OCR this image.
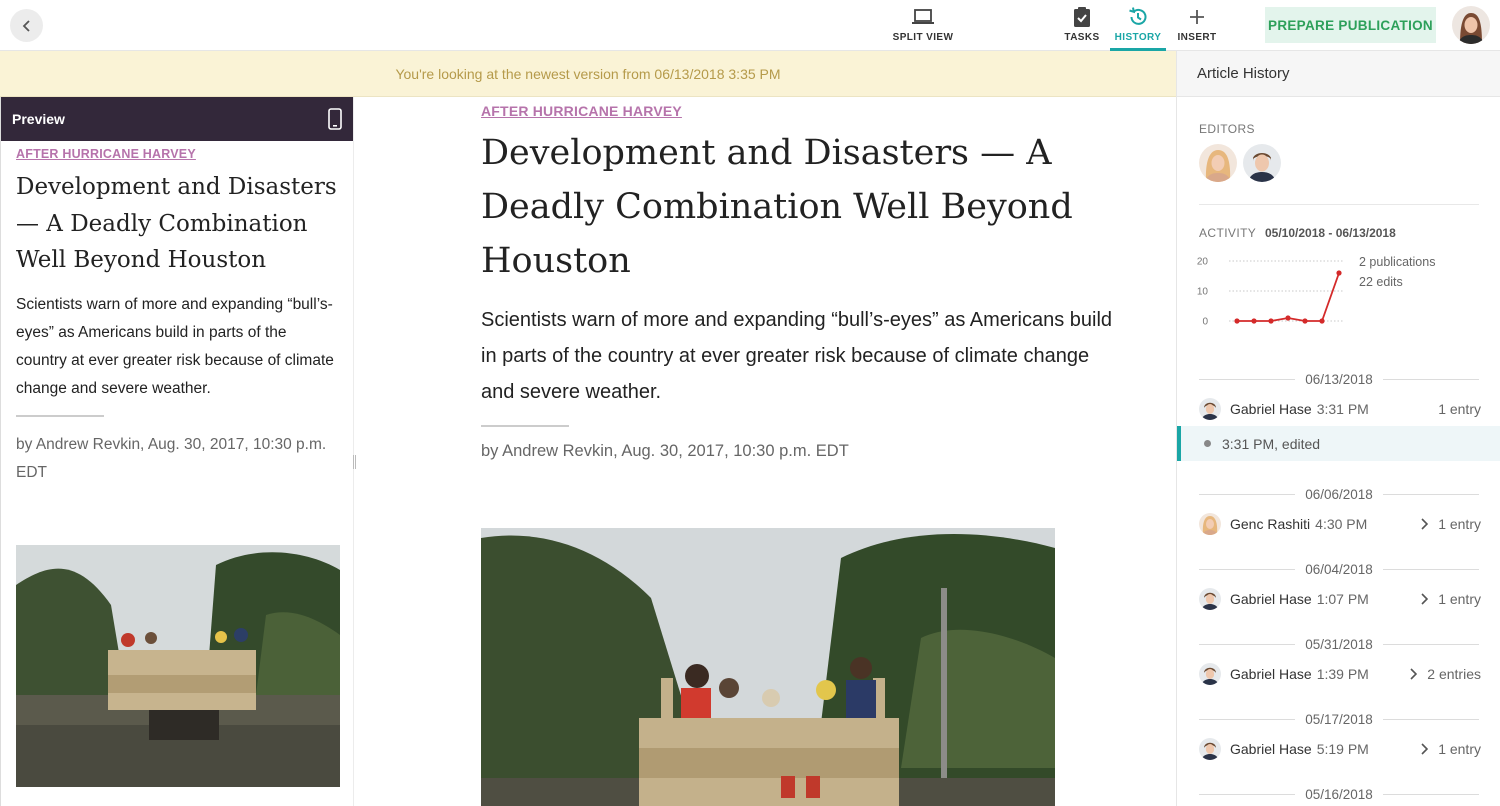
SPLIT VIEW	TASKS HISTORY INSERT
PREPARE PUBLICATION
You're looking at the newest version from 06/13/2018 3:35 PM
Preview
AFTER HURRICANE HARVEY
Development and Disasters — A Deadly Combination Well Beyond Houston
Scientists warn of more and expanding “bull’s-eyes” as Americans build in parts of the country at ever greater risk because of climate change and severe weather.
by Andrew Revkin, Aug. 30, 2017, 10:30 p.m. EDT
AFTER HURRICANE HARVEY
Development and Disasters — A Deadly Combination Well Beyond Houston
Scientists warn of more and expanding “bull’s-eyes” as Americans build in parts of the country at ever greater risk because of climate change and severe weather.
by Andrew Revkin, Aug. 30, 2017, 10:30 p.m. EDT
Article History
EDITORS
ACTIVITY 05/10/2018 - 06/13/2018
20
10
0
2 publications
22 edits
06/13/2018
Gabriel Hase 3:31 PM	1 entry
3:31 PM, edited
06/06/2018
Genc Rashiti 4:30 PM	1 entry
06/04/2018
Gabriel Hase 1:07 PM	1 entry
05/31/2018
Gabriel Hase 1:39 PM	2 entries
05/17/2018
Gabriel Hase 5:19 PM	1 entry
05/16/2018
